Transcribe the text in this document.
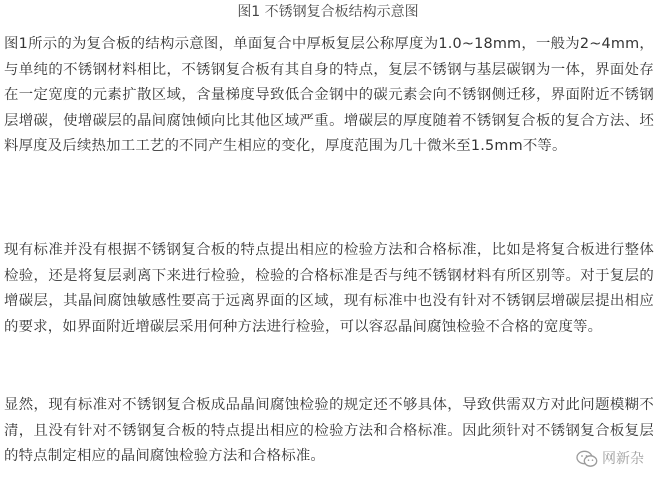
图1 不锈钢复合板结构示意图

图1所示的为复合板的结构示意图，单面复合中厚板复层公称厚度为1.0~18mm，一般为2~4mm，与单纯的不锈钢材料相比，不锈钢复合板有其自身的特点，复层不锈钢与基层碳钢为一体，界面处存在一定宽度的元素扩散区域，含量梯度导致低合金钢中的碳元素会向不锈钢侧迁移，界面附近不锈钢层增碳，使增碳层的晶间腐蚀倾向比其他区域严重。增碳层的厚度随着不锈钢复合板的复合方法、坯料厚度及后续热加工工艺的不同产生相应的变化，厚度范围为几十微米至1.5mm不等。

现有标准并没有根据不锈钢复合板的特点提出相应的检验方法和合格标准，比如是将复合板进行整体检验，还是将复层剥离下来进行检验，检验的合格标准是否与纯不锈钢材料有所区别等。对于复层的增碳层，其晶间腐蚀敏感性要高于远离界面的区域，现有标准中也没有针对不锈钢层增碳层提出相应的要求，如界面附近增碳层采用何种方法进行检验，可以容忍晶间腐蚀检验不合格的宽度等。

显然，现有标准对不锈钢复合板成品晶间腐蚀检验的规定还不够具体，导致供需双方对此问题模糊不清，且没有针对不锈钢复合板的特点提出相应的检验方法和合格标准。因此须针对不锈钢复合板复层的特点制定相应的晶间腐蚀检验方法和合格标准。	网新杂
